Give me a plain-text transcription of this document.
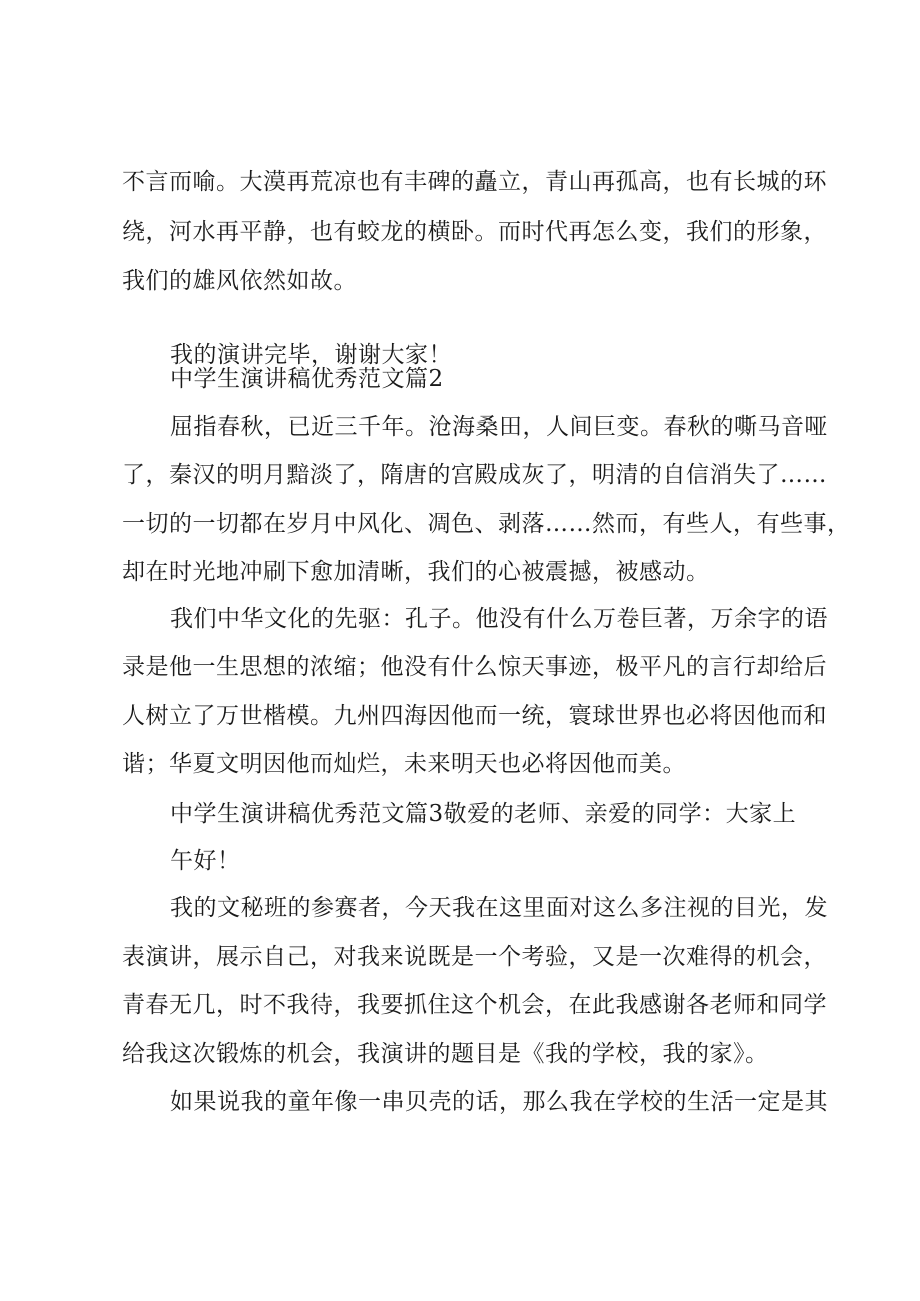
不言而喻。大漠再荒凉也有丰碑的矗立，青山再孤高，也有长城的环
绕，河水再平静，也有蛟龙的横卧。而时代再怎么变，我们的形象，
我们的雄风依然如故。
我的演讲完毕，谢谢大家！
中学生演讲稿优秀范文篇2
屈指春秋，已近三千年。沧海桑田，人间巨变。春秋的嘶马音哑
了，秦汉的明月黯淡了，隋唐的宫殿成灰了，明清的自信消失了……
一切的一切都在岁月中风化、凋色、剥落……然而，有些人，有些事，
却在时光地冲刷下愈加清晰，我们的心被震撼，被感动。
我们中华文化的先驱：孔子。他没有什么万卷巨著，万余字的语
录是他一生思想的浓缩；他没有什么惊天事迹，极平凡的言行却给后
人树立了万世楷模。九州四海因他而一统，寰球世界也必将因他而和
谐；华夏文明因他而灿烂，未来明天也必将因他而美。
中学生演讲稿优秀范文篇3敬爱的老师、亲爱的同学：大家上
午好！
我的文秘班的参赛者，今天我在这里面对这么多注视的目光，发
表演讲，展示自己，对我来说既是一个考验，又是一次难得的机会，
青春无几，时不我待，我要抓住这个机会，在此我感谢各老师和同学
给我这次锻炼的机会，我演讲的题目是《我的学校，我的家》。
如果说我的童年像一串贝壳的话，那么我在学校的生活一定是其
